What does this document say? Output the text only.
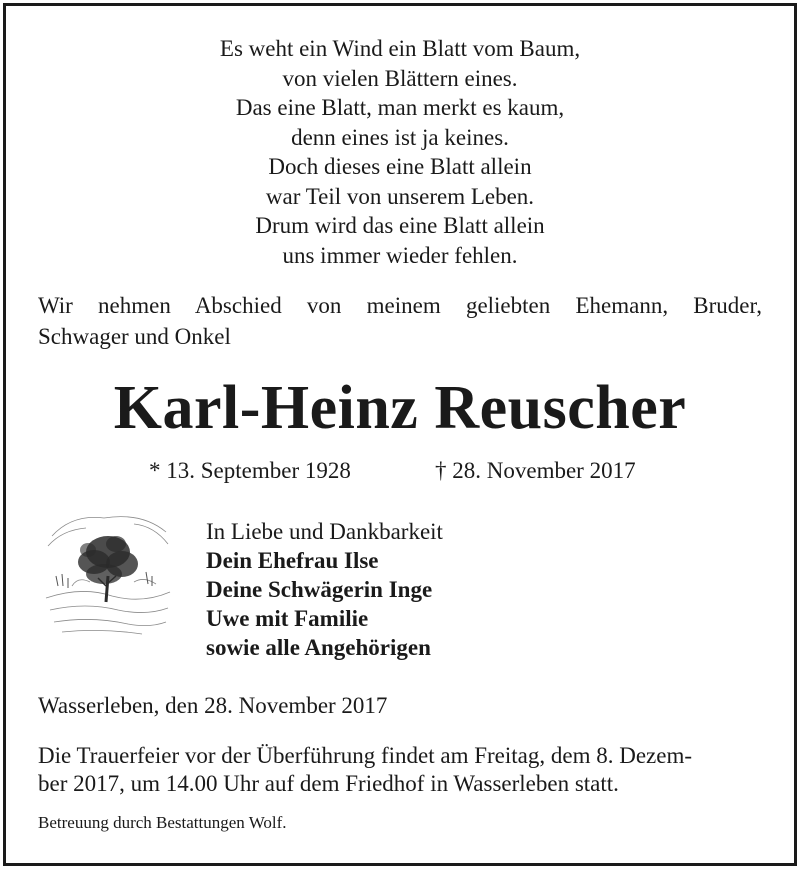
Es weht ein Wind ein Blatt vom Baum,
von vielen Blättern eines.
Das eine Blatt, man merkt es kaum,
denn eines ist ja keines.
Doch dieses eine Blatt allein
war Teil von unserem Leben.
Drum wird das eine Blatt allein
uns immer wieder fehlen.
Wir nehmen Abschied von meinem geliebten Ehemann, Bruder,
Schwager und Onkel
Karl-Heinz Reuscher
* 13. September 1928	† 28. November 2017
In Liebe und Dankbarkeit
Dein Ehefrau Ilse
Deine Schwägerin Inge
Uwe mit Familie
sowie alle Angehörigen
Wasserleben, den 28. November 2017
Die Trauerfeier vor der Überführung findet am Freitag, dem 8. Dezem-
ber 2017, um 14.00 Uhr auf dem Friedhof in Wasserleben statt.
Betreuung durch Bestattungen Wolf.
